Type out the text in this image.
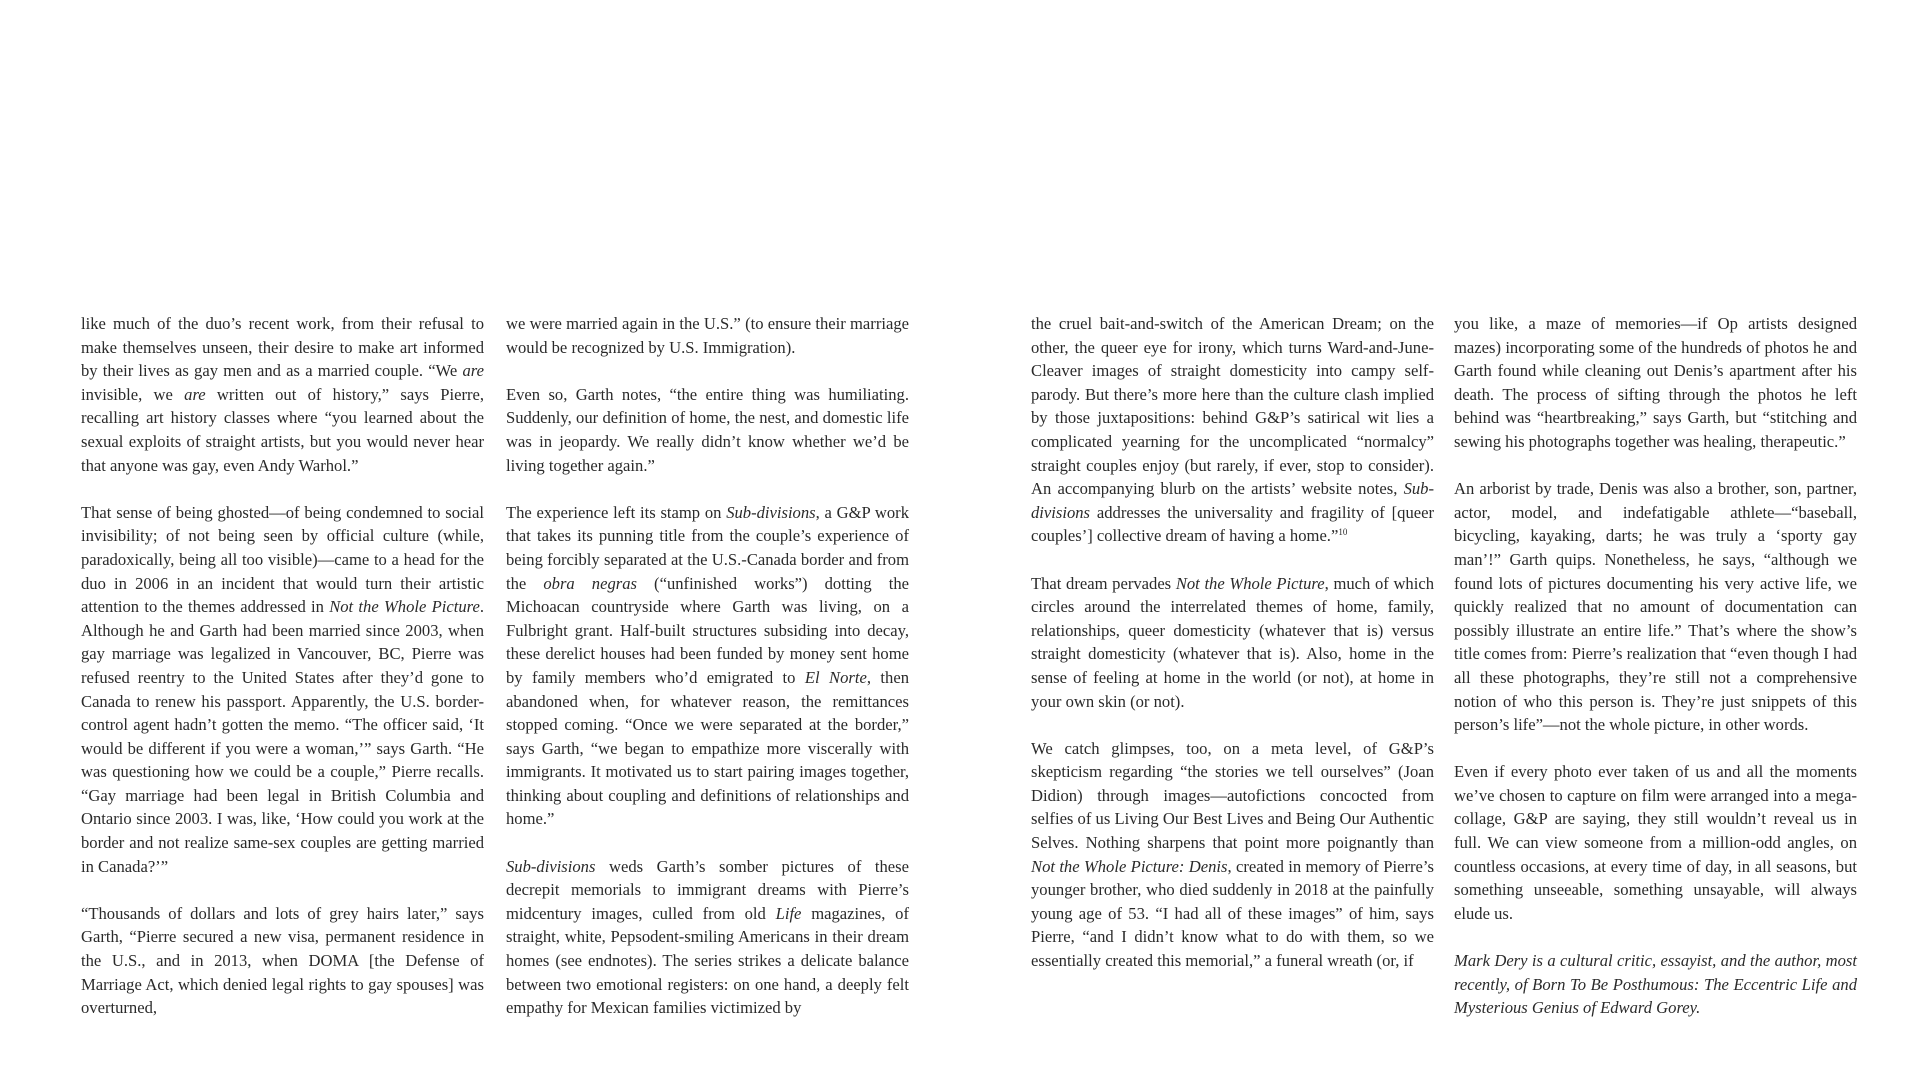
like much of the duo’s recent work, from their refusal to make themselves unseen, their desire to make art informed by their lives as gay men and as a married couple. “We are invisible, we are written out of history,” says Pierre, recalling art history classes where “you learned about the sexual exploits of straight artists, but you would never hear that anyone was gay, even Andy Warhol.”

That sense of being ghosted—of being condemned to social invisibility; of not being seen by official culture (while, paradoxically, being all too visible)—came to a head for the duo in 2006 in an incident that would turn their artistic attention to the themes addressed in Not the Whole Picture. Although he and Garth had been married since 2003, when gay marriage was legalized in Vancouver, BC, Pierre was refused reentry to the United States after they’d gone to Canada to renew his passport. Apparently, the U.S. border-control agent hadn’t gotten the memo. “The officer said, ‘It would be different if you were a woman,’” says Garth. “He was questioning how we could be a couple,” Pierre recalls. “Gay marriage had been legal in British Columbia and Ontario since 2003. I was, like, ‘How could you work at the border and not realize same-sex couples are getting married in Canada?’”

“Thousands of dollars and lots of grey hairs later,” says Garth, “Pierre secured a new visa, permanent residence in the U.S., and in 2013, when DOMA [the Defense of Marriage Act, which denied legal rights to gay spouses] was overturned,

we were married again in the U.S.” (to ensure their marriage would be recognized by U.S. Immigration).

Even so, Garth notes, “the entire thing was humiliating. Suddenly, our definition of home, the nest, and domestic life was in jeopardy. We really didn’t know whether we’d be living together again.”

The experience left its stamp on Sub-divisions, a G&P work that takes its punning title from the couple’s experience of being forcibly separated at the U.S.-Canada border and from the obra negras (“unfinished works”) dotting the Michoacan countryside where Garth was living, on a Fulbright grant. Half-built structures subsiding into decay, these derelict houses had been funded by money sent home by family members who’d emigrated to El Norte, then abandoned when, for whatever reason, the remittances stopped coming. “Once we were separated at the border,” says Garth, “we began to empathize more viscerally with immigrants. It motivated us to start pairing images together, thinking about coupling and definitions of relationships and home.”

Sub-divisions weds Garth’s somber pictures of these decrepit memorials to immigrant dreams with Pierre’s midcentury images, culled from old Life magazines, of straight, white, Pepsodent-smiling Americans in their dream homes (see endnotes). The series strikes a delicate balance between two emotional registers: on one hand, a deeply felt empathy for Mexican families victimized by

the cruel bait-and-switch of the American Dream; on the other, the queer eye for irony, which turns Ward-and-June-Cleaver images of straight domesticity into campy self-parody. But there’s more here than the culture clash implied by those juxtapositions: behind G&P’s satirical wit lies a complicated yearning for the uncomplicated “normalcy” straight couples enjoy (but rarely, if ever, stop to consider). An accompanying blurb on the artists’ website notes, Sub-divisions addresses the universality and fragility of [queer couples’] collective dream of having a home.”$^{10}$

That dream pervades Not the Whole Picture, much of which circles around the interrelated themes of home, family, relationships, queer domesticity (whatever that is) versus straight domesticity (whatever that is). Also, home in the sense of feeling at home in the world (or not), at home in your own skin (or not).

We catch glimpses, too, on a meta level, of G&P’s skepticism regarding “the stories we tell ourselves” (Joan Didion) through images—autofictions concocted from selfies of us Living Our Best Lives and Being Our Authentic Selves. Nothing sharpens that point more poignantly than Not the Whole Picture: Denis, created in memory of Pierre’s younger brother, who died suddenly in 2018 at the painfully young age of 53. “I had all of these images” of him, says Pierre, “and I didn’t know what to do with them, so we essentially created this memorial,” a funeral wreath (or, if

you like, a maze of memories—if Op artists designed mazes) incorporating some of the hundreds of photos he and Garth found while cleaning out Denis’s apartment after his death. The process of sifting through the photos he left behind was “heartbreaking,” says Garth, but “stitching and sewing his photographs together was healing, therapeutic.”

An arborist by trade, Denis was also a brother, son, partner, actor, model, and indefatigable athlete—“baseball, bicycling, kayaking, darts; he was truly a ‘sporty gay man’!” Garth quips. Nonetheless, he says, “although we found lots of pictures documenting his very active life, we quickly realized that no amount of documentation can possibly illustrate an entire life.” That’s where the show’s title comes from: Pierre’s realization that “even though I had all these photographs, they’re still not a comprehensive notion of who this person is. They’re just snippets of this person’s life”—not the whole picture, in other words.

Even if every photo ever taken of us and all the moments we’ve chosen to capture on film were arranged into a mega-collage, G&P are saying, they still wouldn’t reveal us in full. We can view someone from a million-odd angles, on countless occasions, at every time of day, in all seasons, but something unseeable, something unsayable, will always elude us.

Mark Dery is a cultural critic, essayist, and the author, most recently, of Born To Be Posthumous: The Eccentric Life and Mysterious Genius of Edward Gorey.
